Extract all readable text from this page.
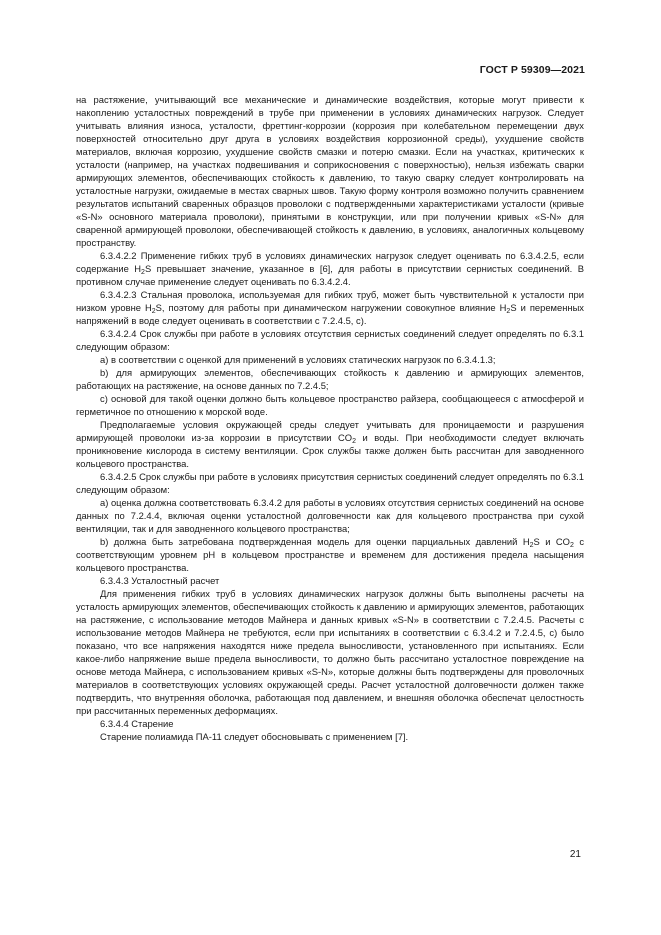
ГОСТ Р 59309—2021

на растяжение, учитывающий все механические и динамические воздействия, которые могут привести к накоплению усталостных повреждений в трубе при применении в условиях динамических нагрузок. Следует учитывать влияния износа, усталости, фреттинг-коррозии (коррозия при колебательном перемещении двух поверхностей относительно друг друга в условиях воздействия коррозионной среды), ухудшение свойств материалов, включая коррозию, ухудшение свойств смазки и потерю смазки. Если на участках, критических к усталости (например, на участках подвешивания и соприкосновения с поверхностью), нельзя избежать сварки армирующих элементов, обеспечивающих стойкость к давлению, то такую сварку следует контролировать на усталостные нагрузки, ожидаемые в местах сварных швов. Такую форму контроля возможно получить сравнением результатов испытаний сваренных образцов проволоки с подтвержденными характеристиками усталости (кривые «S-N» основного материала проволоки), принятыми в конструкции, или при получении кривых «S-N» для сваренной армирующей проволоки, обеспечивающей стойкость к давлению, в условиях, аналогичных кольцевому пространству.

6.3.4.2.2 Применение гибких труб в условиях динамических нагрузок следует оценивать по 6.3.4.2.5, если содержание $H_2S$ превышает значение, указанное в [6], для работы в присутствии сернистых соединений. В противном случае применение следует оценивать по 6.3.4.2.4.

6.3.4.2.3 Стальная проволока, используемая для гибких труб, может быть чувствительной к усталости при низком уровне $H_2S$, поэтому для работы при динамическом нагружении совокупное влияние $H_2S$ и переменных напряжений в воде следует оценивать в соответствии с 7.2.4.5, с).

6.3.4.2.4 Срок службы при работе в условиях отсутствия сернистых соединений следует определять по 6.3.1 следующим образом:

а) в соответствии с оценкой для применений в условиях статических нагрузок по 6.3.4.1.3;

b) для армирующих элементов, обеспечивающих стойкость к давлению и армирующих элементов, работающих на растяжение, на основе данных по 7.2.4.5;

с) основой для такой оценки должно быть кольцевое пространство райзера, сообщающееся с атмосферой и герметичное по отношению к морской воде.

Предполагаемые условия окружающей среды следует учитывать для проницаемости и разрушения армирующей проволоки из-за коррозии в присутствии $CO_2$ и воды. При необходимости следует включать проникновение кислорода в систему вентиляции. Срок службы также должен быть рассчитан для заводненного кольцевого пространства.

6.3.4.2.5 Срок службы при работе в условиях присутствия сернистых соединений следует определять по 6.3.1 следующим образом:

а) оценка должна соответствовать 6.3.4.2 для работы в условиях отсутствия сернистых соединений на основе данных по 7.2.4.4, включая оценки усталостной долговечности как для кольцевого пространства при сухой вентиляции, так и для заводненного кольцевого пространства;

b) должна быть затребована подтвержденная модель для оценки парциальных давлений $H_2S$ и $CO_2$ с соответствующим уровнем pH в кольцевом пространстве и временем для достижения предела насыщения кольцевого пространства.

6.3.4.3 Усталостный расчет

Для применения гибких труб в условиях динамических нагрузок должны быть выполнены расчеты на усталость армирующих элементов, обеспечивающих стойкость к давлению и армирующих элементов, работающих на растяжение, с использование методов Майнера и данных кривых «S-N» в соответствии с 7.2.4.5. Расчеты с использование методов Майнера не требуются, если при испытаниях в соответствии с 6.3.4.2 и 7.2.4.5, с) было показано, что все напряжения находятся ниже предела выносливости, установленного при испытаниях. Если какое-либо напряжение выше предела выносливости, то должно быть рассчитано усталостное повреждение на основе метода Майнера, с использованием кривых «S-N», которые должны быть подтверждены для проволочных материалов в соответствующих условиях окружающей среды. Расчет усталостной долговечности должен также подтвердить, что внутренняя оболочка, работающая под давлением, и внешняя оболочка обеспечат целостность при рассчитанных переменных деформациях.

6.3.4.4 Старение

Старение полиамида ПА-11 следует обосновывать с применением [7].

21
